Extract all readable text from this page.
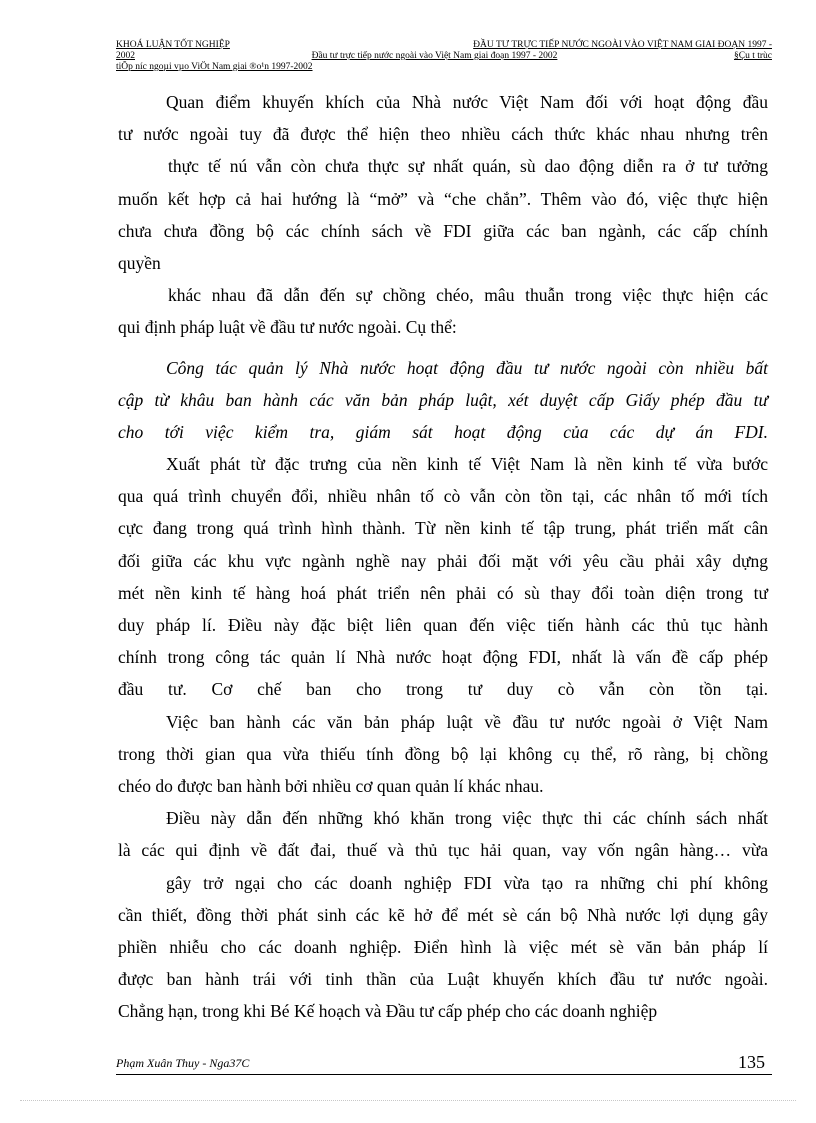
KHOÁ LUẬN TỐT NGHIỆP	ĐẦU TƯ TRỰC TIẾP NƯỚC NGOÀI VÀO VIỆT NAM GIAI ĐOẠN 1997 -
2002	Đầu tư trực tiếp nước ngoài vào Việt Nam giai đoạn 1997 - 2002	§Çu t trùc
tiÕp níc ngoµi vµo ViÖt Nam giai ®o¹n 1997-2002
Quan điểm khuyến khích của Nhà nước Việt Nam đối với hoạt động đầu
tư nước ngoài tuy đã được thể hiện theo nhiều cách thức khác nhau nhưng trên
thực tế nú vẫn còn chưa thực sự nhất quán, sù dao động diễn ra ở tư tưởng
muốn kết hợp cả hai hướng là “mở” và “che chắn”. Thêm vào đó, việc thực hiện
chưa chưa đồng bộ các chính sách về FDI giữa các ban ngành, các cấp chính
quyền
khác nhau đã dẫn đến sự chồng chéo, mâu thuẫn trong việc thực hiện các
qui định pháp luật về đầu tư nước ngoài. Cụ thể:
Công tác quản lý Nhà nước hoạt động đầu tư nước ngoài còn nhiều bất
cập từ khâu ban hành các văn bản pháp luật, xét duyệt cấp Giấy phép đầu tư
cho tới việc kiểm tra, giám sát hoạt động của các dự án FDI.
Xuất phát từ đặc trưng của nền kinh tế Việt Nam là nền kinh tế vừa bước
qua quá trình chuyển đổi, nhiều nhân tố cò vẫn còn tồn tại, các nhân tố mới tích
cực đang trong quá trình hình thành. Từ nền kinh tế tập trung, phát triển mất cân
đối giữa các khu vực ngành nghề nay phải đối mặt với yêu cầu phải xây dựng
mét nền kinh tế hàng hoá phát triển nên phải có sù thay đổi toàn diện trong tư
duy pháp lí. Điều này đặc biệt liên quan đến việc tiến hành các thủ tục hành
chính trong công tác quản lí Nhà nước hoạt động FDI, nhất là vấn đề cấp phép
đầu tư. Cơ chế ban cho trong tư duy cò vẫn còn tồn tại.
Việc ban hành các văn bản pháp luật về đầu tư nước ngoài ở Việt Nam
trong thời gian qua vừa thiếu tính đồng bộ lại không cụ thể, rõ ràng, bị chồng
chéo do được ban hành bởi nhiều cơ quan quản lí khác nhau.
Điều này dẫn đến những khó khăn trong việc thực thi các chính sách nhất
là các qui định về đất đai, thuế và thủ tục hải quan, vay vốn ngân hàng… vừa
gây trở ngại cho các doanh nghiệp FDI vừa tạo ra những chi phí không
cần thiết, đồng thời phát sinh các kẽ hở để mét sè cán bộ Nhà nước lợi dụng gây
phiền nhiễu cho các doanh nghiệp. Điển hình là việc mét sè văn bản pháp lí
được ban hành trái với tinh thần của Luật khuyến khích đầu tư nước ngoài.
Chẳng hạn, trong khi Bé Kế hoạch và Đầu tư cấp phép cho các doanh nghiệp
Phạm Xuân Thuy - Nga37C	135
